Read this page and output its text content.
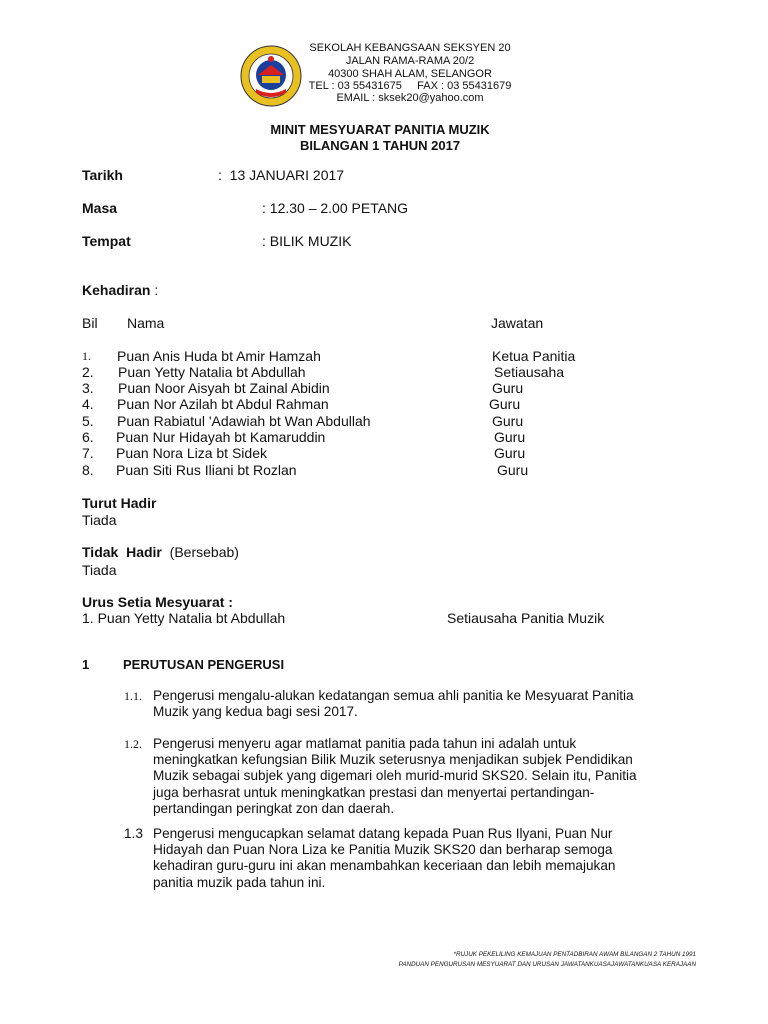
SEKOLAH KEBANGSAAN SEKSYEN 20
JALAN RAMA-RAMA 20/2
40300 SHAH ALAM, SELANGOR
TEL : 03 55431675     FAX : 03 55431679
EMAIL : sksek20@yahoo.com
MINIT MESYUARAT PANITIA MUZIK
BILANGAN 1 TAHUN 2017
Tarikh	:  13 JANUARI 2017
Masa	: 12.30 – 2.00 PETANG
Tempat	: BILIK MUZIK
Kehadiran :
Bil Nama	Jawatan
1. Puan Anis Huda bt Amir Hamzah	Ketua Panitia
2. Puan Yetty Natalia bt Abdullah	Setiausaha
3. Puan Noor Aisyah bt Zainal Abidin	Guru
4. Puan Nor Azilah bt Abdul Rahman	Guru
5. Puan Rabiatul 'Adawiah bt Wan Abdullah	Guru
6. Puan Nur Hidayah bt Kamaruddin	Guru
7. Puan Nora Liza bt Sidek	Guru
8. Puan Siti Rus Iliani bt Rozlan	Guru
Turut Hadir
Tiada
Tidak  Hadir (Bersebab)
Tiada
Urus Setia Mesyuarat :
1. Puan Yetty Natalia bt Abdullah	Setiausaha Panitia Muzik
1	PERUTUSAN PENGERUSI
1.1. Pengerusi mengalu-alukan kedatangan semua ahli panitia ke Mesyuarat Panitia
Muzik yang kedua bagi sesi 2017.
1.2. Pengerusi menyeru agar matlamat panitia pada tahun ini adalah untuk
meningkatkan kefungsian Bilik Muzik seterusnya menjadikan subjek Pendidikan
Muzik sebagai subjek yang digemari oleh murid-murid SKS20. Selain itu, Panitia
juga berhasrat untuk meningkatkan prestasi dan menyertai pertandingan-
pertandingan peringkat zon dan daerah.
1.3 Pengerusi mengucapkan selamat datang kepada Puan Rus Ilyani, Puan Nur
Hidayah dan Puan Nora Liza ke Panitia Muzik SKS20 dan berharap semoga
kehadiran guru-guru ini akan menambahkan keceriaan dan lebih memajukan
panitia muzik pada tahun ini.
*RUJUK PEKELILING KEMAJUAN PENTADBIRAN AWAM BILANGAN 2 TAHUN 1991
PANDUAN PENGURUSAN MESYUARAT DAN URUSAN JAWATANKUASAJAWATANKUASA KERAJAAN
